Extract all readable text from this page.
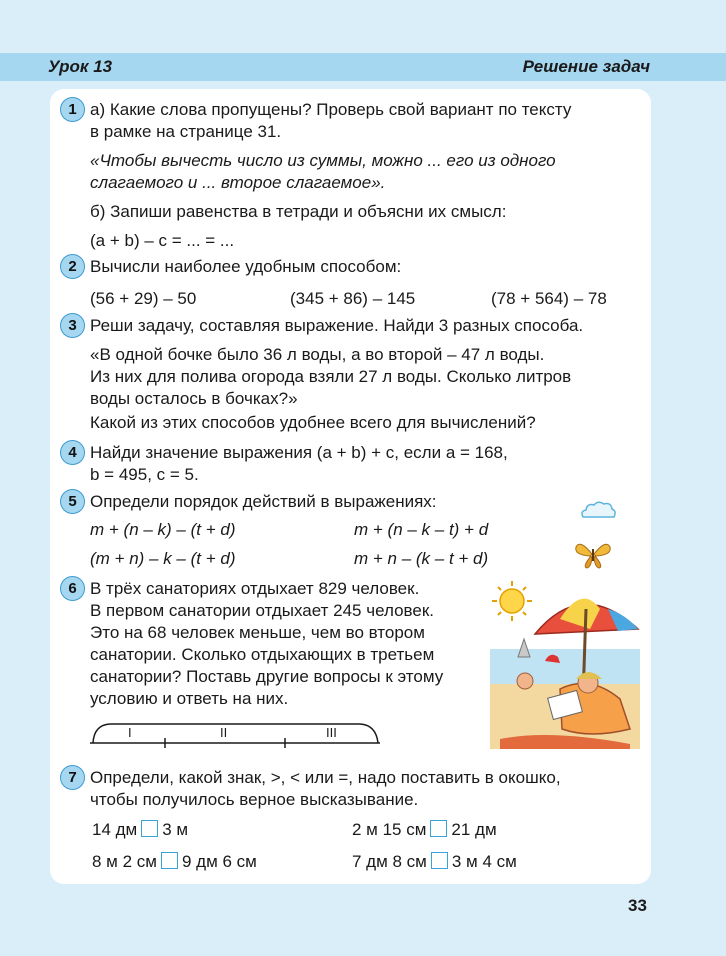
Урок 13	Решение задач
1 а) Какие слова пропущены? Проверь свой вариант по тексту
в рамке на странице 31.
«Чтобы вычесть число из суммы, можно ... его из одного
слагаемого и ... второе слагаемое».
б) Запиши равенства в тетради и объясни их смысл:
(a + b) – c = ... = ...
2 Вычисли наиболее удобным способом:
(56 + 29) – 50	(345 + 86) – 145	(78 + 564) – 78
3 Реши задачу, составляя выражение. Найди 3 разных способа.
«В одной бочке было 36 л воды, а во второй – 47 л воды.
Из них для полива огорода взяли 27 л воды. Сколько литров
воды осталось в бочках?»
Какой из этих способов удобнее всего для вычислений?
4 Найди значение выражения (a + b) + c, если a = 168,
b = 495, c = 5.
5 Определи порядок действий в выражениях:
m + (n – k) – (t + d)	m + (n – k – t) + d
(m + n) – k – (t + d)	m + n – (k – t + d)
6 В трёх санаториях отдыхает 829 человек.
В первом санатории отдыхает 245 человек.
Это на 68 человек меньше, чем во втором
санатории. Сколько отдыхающих в третьем
санатории? Поставь другие вопросы к этому
условию и ответь на них.
I	II	III
7 Определи, какой знак, >, < или =, надо поставить в окошко,
чтобы получилось верное высказывание.
14 дм 3 м	2 м 15 см 21 дм
8 м 2 см 9 дм 6 см	7 дм 8 см 3 м 4 см
33
